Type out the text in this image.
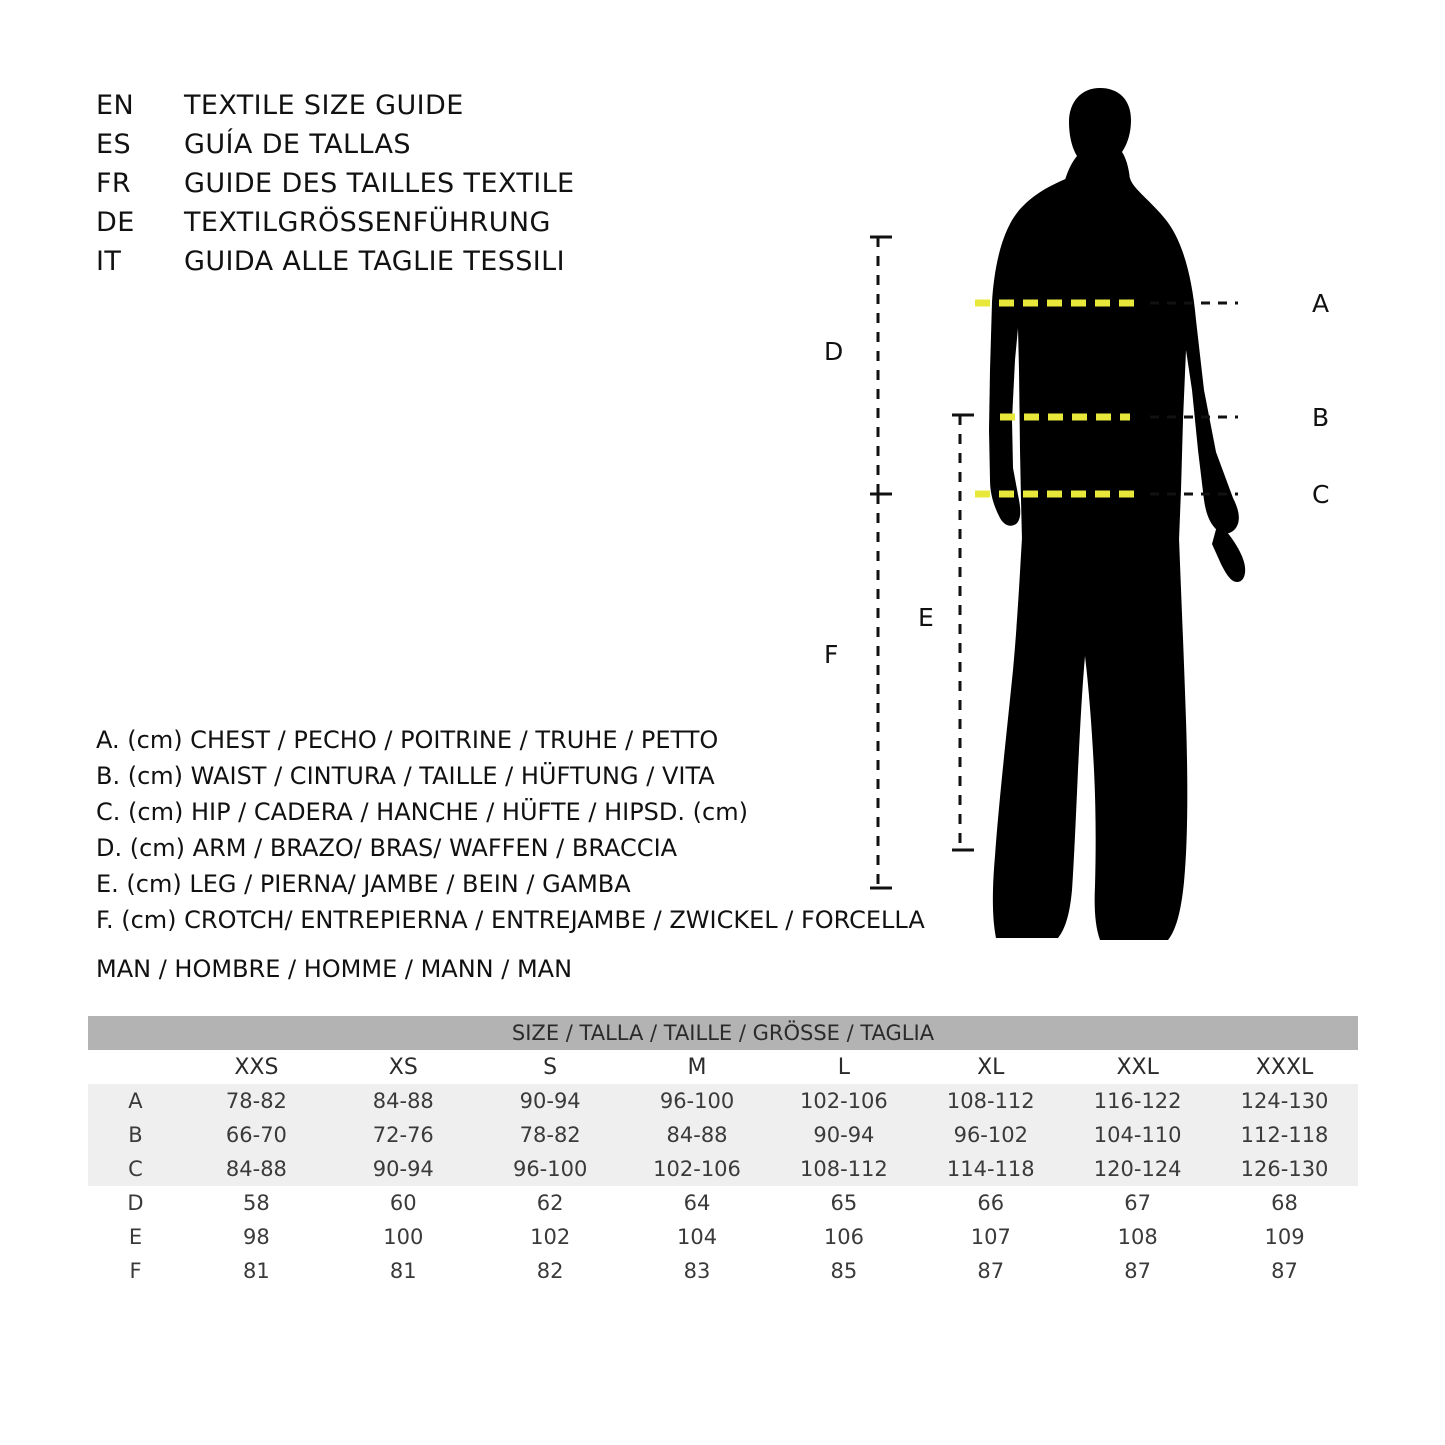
EN	TEXTILE SIZE GUIDE
ES	GUÍA DE TALLAS
FR	GUIDE DES TAILLES TEXTILE
DE	TEXTILGRÖSSENFÜHRUNG
IT	GUIDA ALLE TAGLIE TESSILI
A. (cm) CHEST / PECHO / POITRINE / TRUHE / PETTO
B. (cm) WAIST / CINTURA / TAILLE / HÜFTUNG / VITA
C. (cm) HIP / CADERA / HANCHE / HÜFTE / HIPSD. (cm)
D. (cm) ARM / BRAZO/ BRAS/ WAFFEN / BRACCIA
E. (cm) LEG / PIERNA/ JAMBE / BEIN / GAMBA
F. (cm) CROTCH/ ENTREPIERNA / ENTREJAMBE / ZWICKEL / FORCELLA
MAN / HOMBRE / HOMME / MANN / MAN
A
B
C
D
E
F
SIZE / TALLA / TAILLE / GRÖSSE / TAGLIA								
	XXS	XS	S	M	L	XL	XXL	XXXL
A	78-82	84-88	90-94	96-100	102-106	108-112	116-122	124-130
B	66-70	72-76	78-82	84-88	90-94	96-102	104-110	112-118
C	84-88	90-94	96-100	102-106	108-112	114-118	120-124	126-130
D	58	60	62	64	65	66	67	68
E	98	100	102	104	106	107	108	109
F	81	81	82	83	85	87	87	87
